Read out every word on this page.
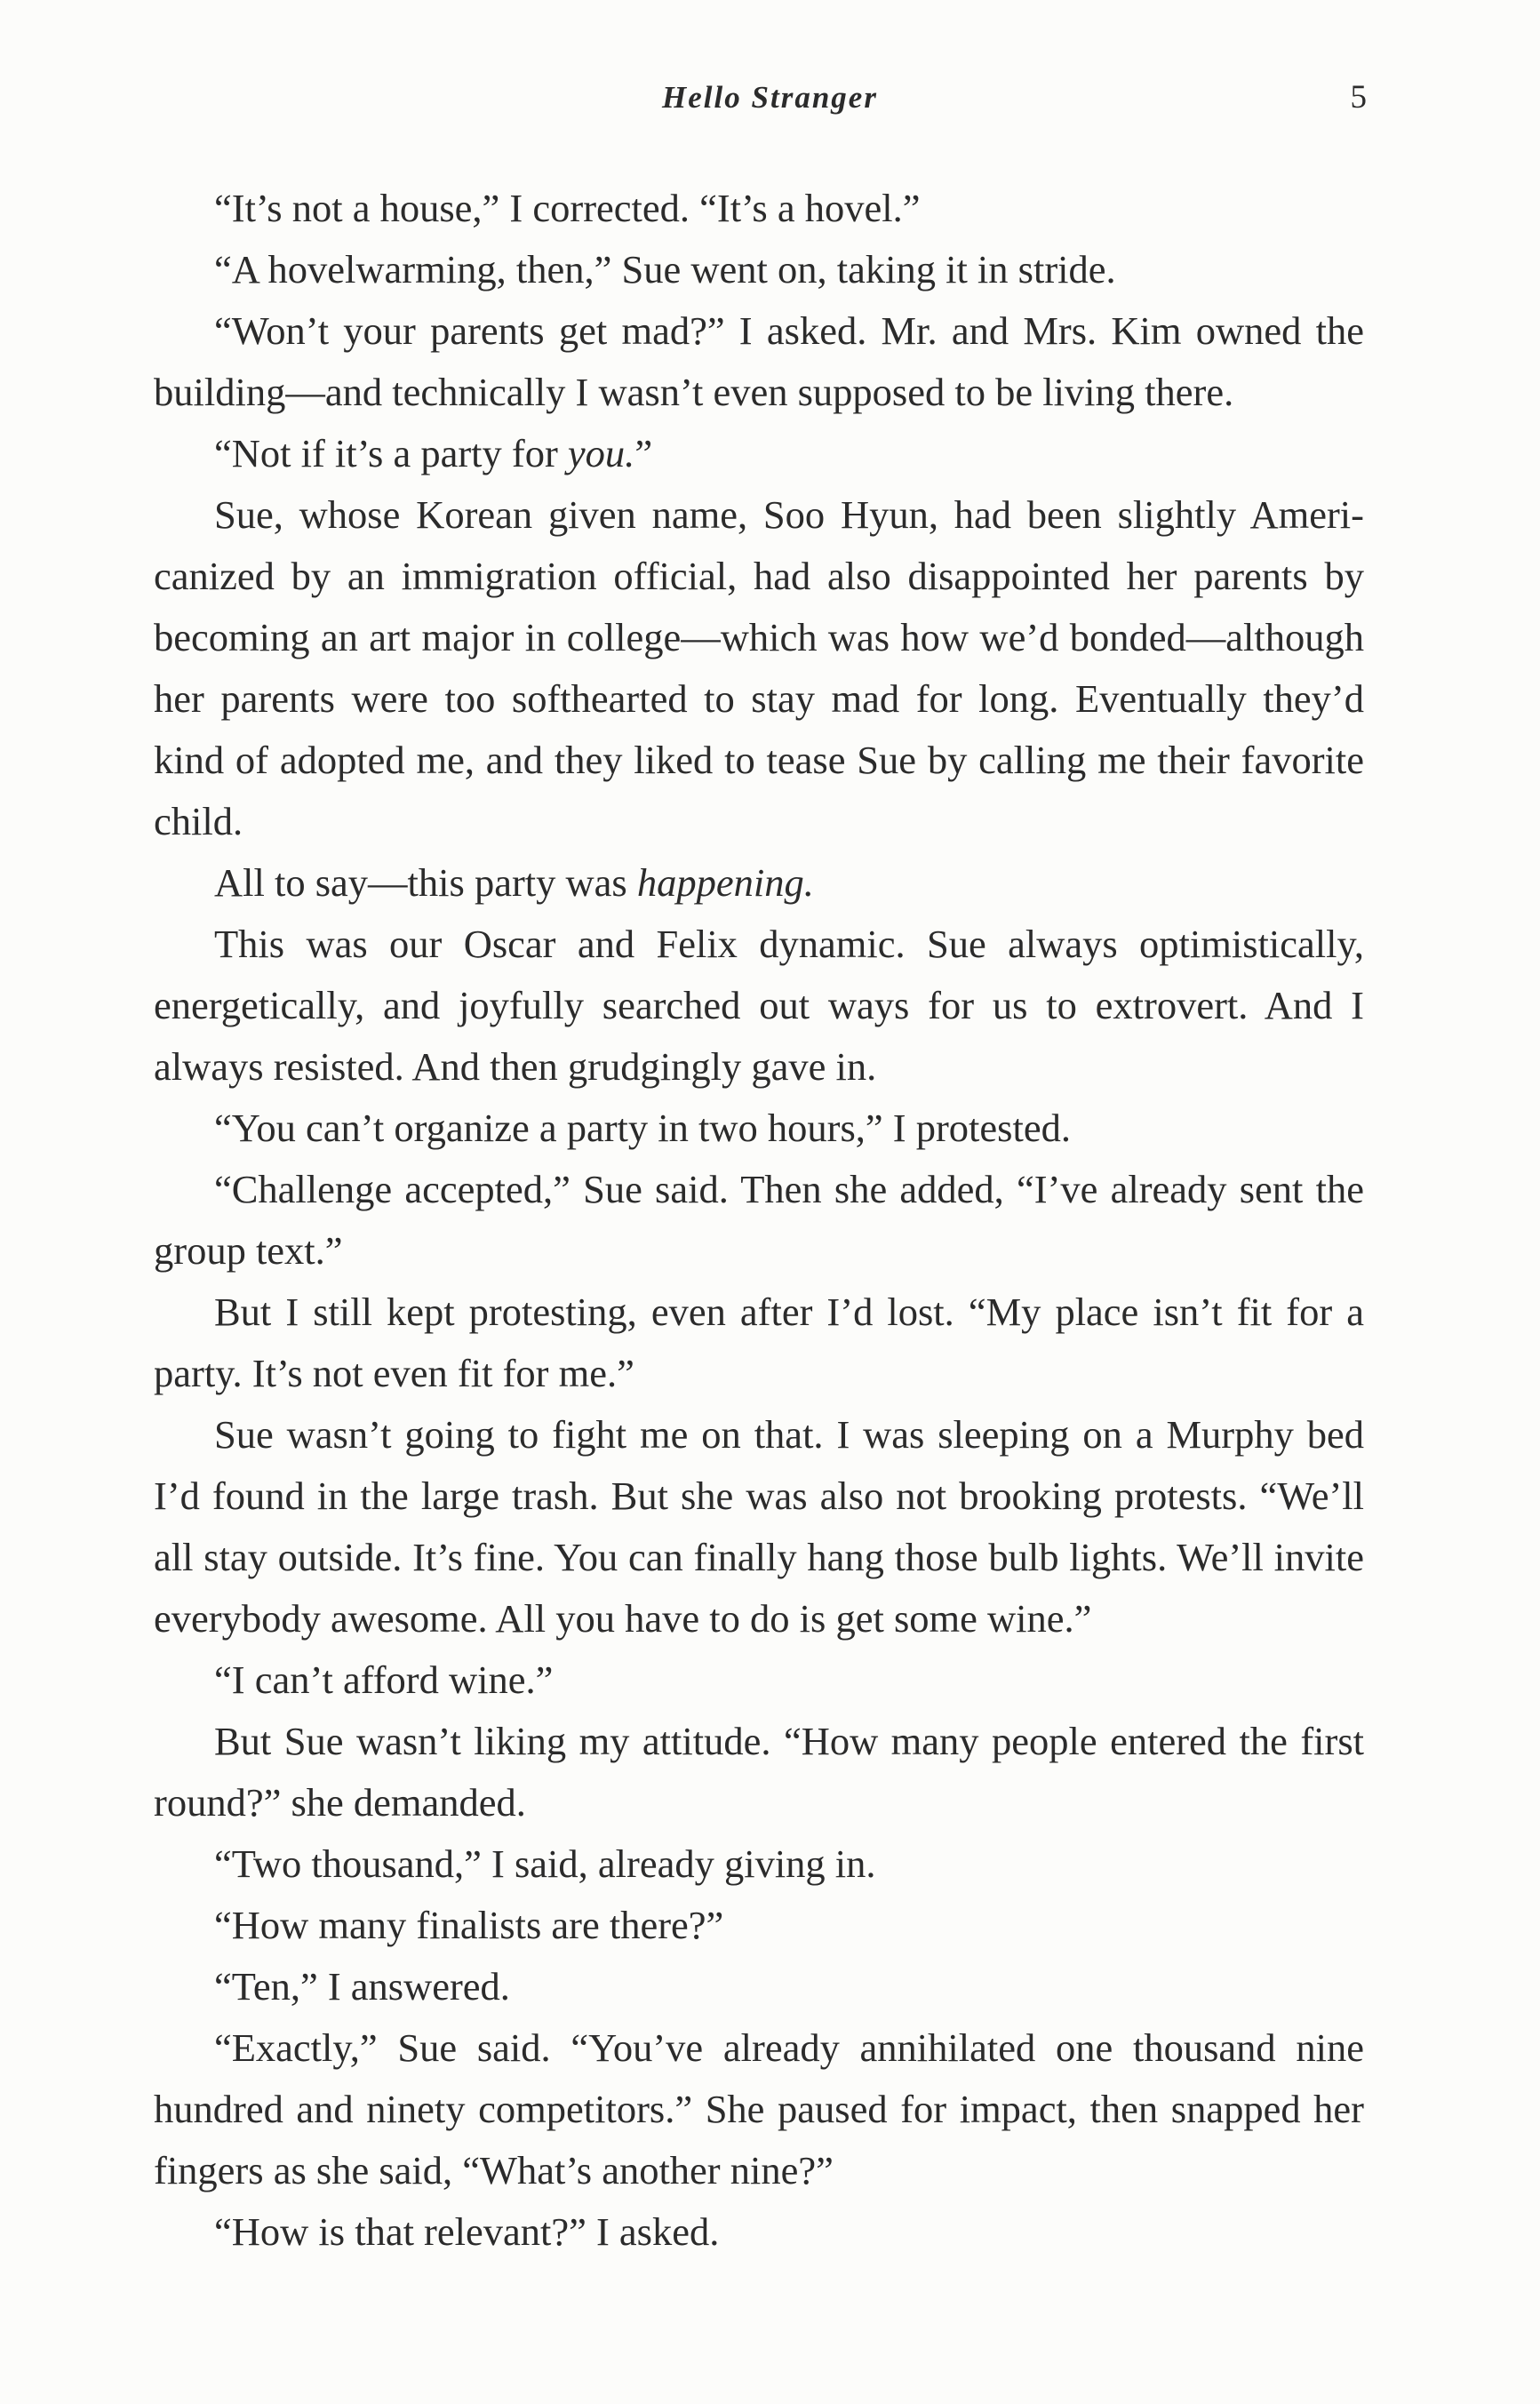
Hello Stranger	5

“It’s not a house,” I corrected. “It’s a hovel.”

“A hovelwarming, then,” Sue went on, taking it in stride.

“Won’t your parents get mad?” I asked. Mr. and Mrs. Kim owned the building—and technically I wasn’t even supposed to be living there.

“Not if it’s a party for you.”

Sue, whose Korean given name, Soo Hyun, had been slightly Americanized by an immigration official, had also disappointed her parents by becoming an art major in college—which was how we’d bonded—although her parents were too softhearted to stay mad for long. Eventually they’d kind of adopted me, and they liked to tease Sue by calling me their favorite child.

All to say—this party was happening.

This was our Oscar and Felix dynamic. Sue always optimistically, energetically, and joyfully searched out ways for us to extrovert. And I always resisted. And then grudgingly gave in.

“You can’t organize a party in two hours,” I protested.

“Challenge accepted,” Sue said. Then she added, “I’ve already sent the group text.”

But I still kept protesting, even after I’d lost. “My place isn’t fit for a party. It’s not even fit for me.”

Sue wasn’t going to fight me on that. I was sleeping on a Murphy bed I’d found in the large trash. But she was also not brooking protests. “We’ll all stay outside. It’s fine. You can finally hang those bulb lights. We’ll invite everybody awesome. All you have to do is get some wine.”

“I can’t afford wine.”

But Sue wasn’t liking my attitude. “How many people entered the first round?” she demanded.

“Two thousand,” I said, already giving in.

“How many finalists are there?”

“Ten,” I answered.

“Exactly,” Sue said. “You’ve already annihilated one thousand nine hundred and ninety competitors.” She paused for impact, then snapped her fingers as she said, “What’s another nine?”

“How is that relevant?” I asked.
